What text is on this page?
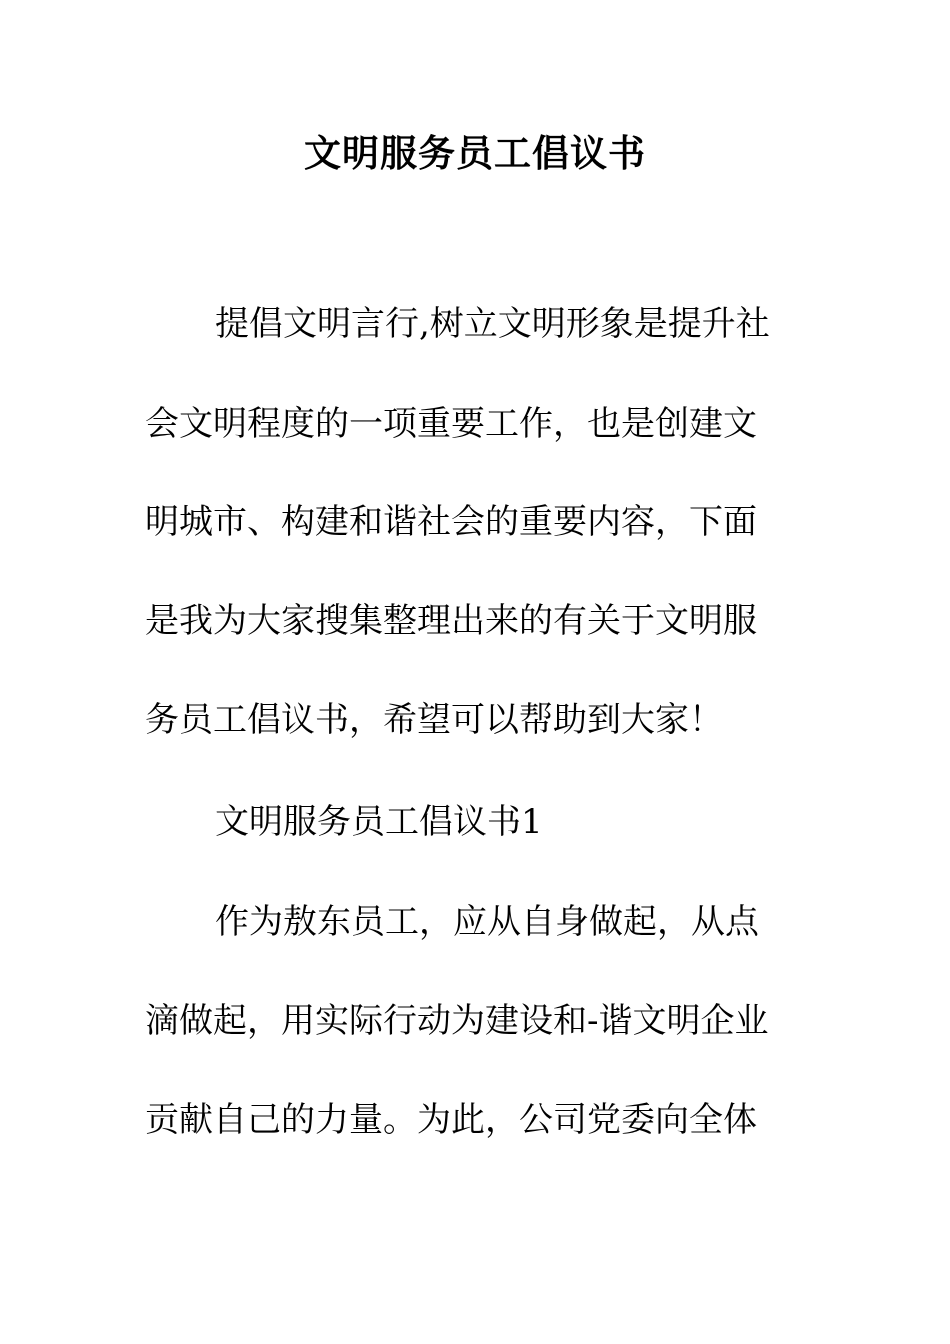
文明服务员工倡议书

提倡文明言行,树立文明形象是提升社

会文明程度的一项重要工作，也是创建文

明城市、构建和谐社会的重要内容，下面

是我为大家搜集整理出来的有关于文明服

务员工倡议书，希望可以帮助到大家！

文明服务员工倡议书1

作为敖东员工，应从自身做起，从点

滴做起，用实际行动为建设和-谐文明企业

贡献自己的力量。为此，公司党委向全体
